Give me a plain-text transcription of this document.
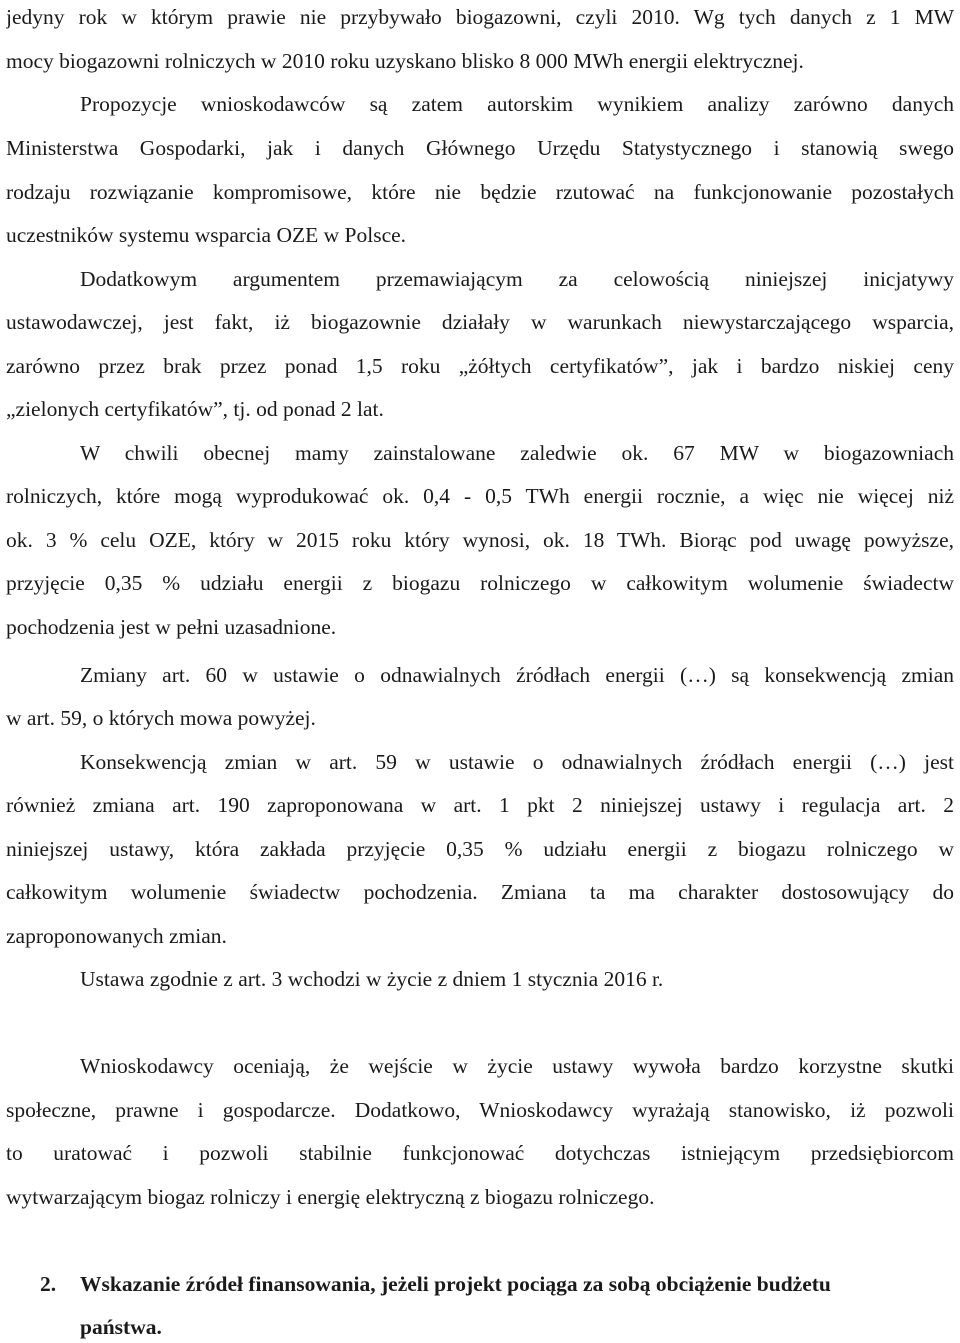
jedyny rok w którym prawie nie przybywało biogazowni, czyli 2010. Wg tych danych z 1 MW
mocy biogazowni rolniczych w 2010 roku uzyskano blisko 8 000 MWh energii elektrycznej.
Propozycje wnioskodawców są zatem autorskim wynikiem analizy zarówno danych
Ministerstwa Gospodarki, jak i danych Głównego Urzędu Statystycznego i stanowią swego
rodzaju rozwiązanie kompromisowe, które nie będzie rzutować na funkcjonowanie pozostałych
uczestników systemu wsparcia OZE w Polsce.
Dodatkowym argumentem przemawiającym za celowością niniejszej inicjatywy
ustawodawczej, jest fakt, iż biogazownie działały w warunkach niewystarczającego wsparcia,
zarówno przez brak przez ponad 1,5 roku „żółtych certyfikatów”, jak i bardzo niskiej ceny
„zielonych certyfikatów”, tj. od ponad 2 lat.
W chwili obecnej mamy zainstalowane zaledwie ok. 67 MW w biogazowniach
rolniczych, które mogą wyprodukować ok. 0,4 - 0,5 TWh energii rocznie, a więc nie więcej niż
ok. 3 % celu OZE, który w 2015 roku który wynosi, ok. 18 TWh. Biorąc pod uwagę powyższe,
przyjęcie 0,35 % udziału energii z biogazu rolniczego w całkowitym wolumenie świadectw
pochodzenia jest w pełni uzasadnione.
Zmiany art. 60 w ustawie o odnawialnych źródłach energii (…) są konsekwencją zmian
w art. 59, o których mowa powyżej.
Konsekwencją zmian w art. 59 w ustawie o odnawialnych źródłach energii (…) jest
również zmiana art. 190 zaproponowana w art. 1 pkt 2 niniejszej ustawy i regulacja art. 2
niniejszej ustawy, która zakłada przyjęcie 0,35 % udziału energii z biogazu rolniczego w
całkowitym wolumenie świadectw pochodzenia. Zmiana ta ma charakter dostosowujący do
zaproponowanych zmian.
Ustawa zgodnie z art. 3 wchodzi w życie z dniem 1 stycznia 2016 r.
Wnioskodawcy oceniają, że wejście w życie ustawy wywoła bardzo korzystne skutki
społeczne, prawne i gospodarcze. Dodatkowo, Wnioskodawcy wyrażają stanowisko, iż pozwoli
to uratować i pozwoli stabilnie funkcjonować dotychczas istniejącym przedsiębiorcom
wytwarzającym biogaz rolniczy i energię elektryczną z biogazu rolniczego.
2. Wskazanie źródeł finansowania, jeżeli projekt pociąga za sobą obciążenie budżetu
państwa.
